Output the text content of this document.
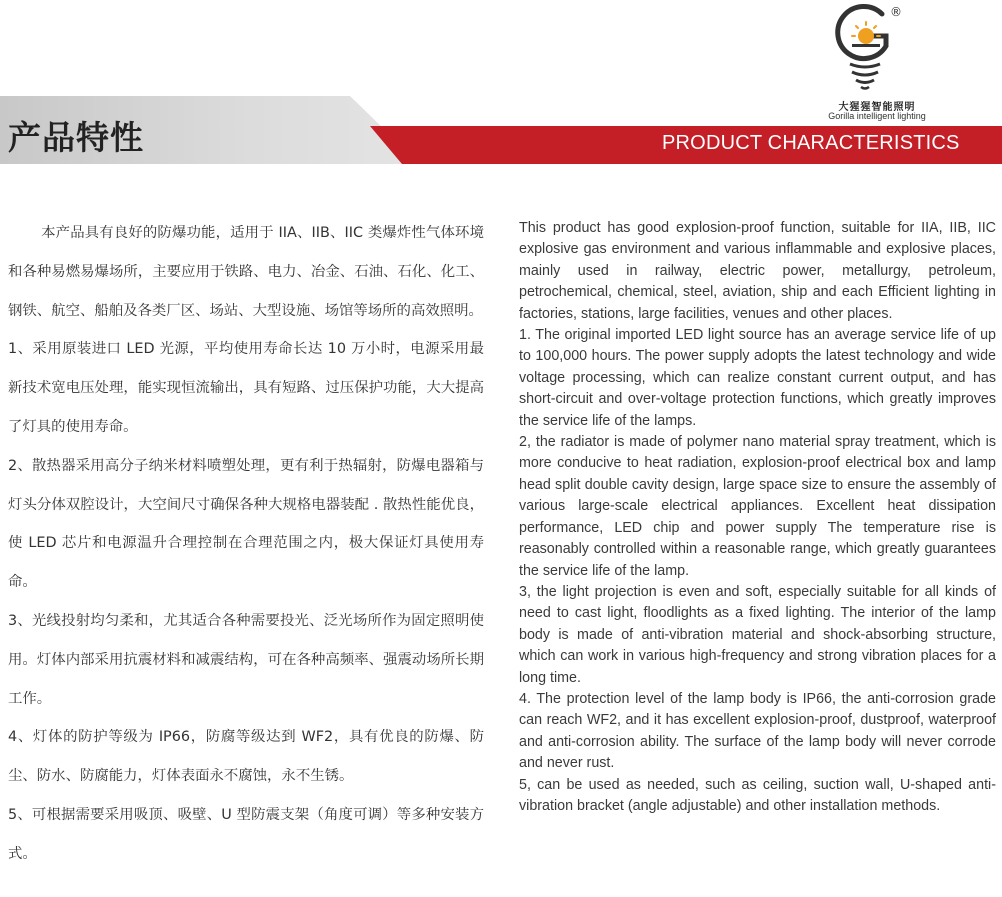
®
大猩猩智能照明
Gorilla intelligent lighting
产品特性	PRODUCT CHARACTERISTICS

本产品具有良好的防爆功能，适用于 IIA、IIB、IIC 类爆炸性气体环境和各种易燃易爆场所，主要应用于铁路、电力、冶金、石油、石化、化工、钢铁、航空、船舶及各类厂区、场站、大型设施、场馆等场所的高效照明。

1、采用原装进口 LED 光源，平均使用寿命长达 10 万小时，电源采用最新技术宽电压处理，能实现恒流输出，具有短路、过压保护功能，大大提高了灯具的使用寿命。

2、散热器采用高分子纳米材料喷塑处理，更有利于热辐射，防爆电器箱与灯头分体双腔设计，大空间尺寸确保各种大规格电器装配 . 散热性能优良，使 LED 芯片和电源温升合理控制在合理范围之内，极大保证灯具使用寿命。

3、光线投射均匀柔和，尤其适合各种需要投光、泛光场所作为固定照明使用。灯体内部采用抗震材料和减震结构，可在各种高频率、强震动场所长期工作。

4、灯体的防护等级为 IP66，防腐等级达到 WF2，具有优良的防爆、防尘、防水、防腐能力，灯体表面永不腐蚀，永不生锈。

5、可根据需要采用吸顶、吸壁、U 型防震支架（角度可调）等多种安装方式。

This product has good explosion-proof function, suitable for IIA, IIB, IIC explosive gas environment and various inflammable and explosive places, mainly used in railway, electric power, metallurgy, petroleum, petrochemical, chemical, steel, aviation, ship and each Efficient lighting in factories, stations, large facilities, venues and other places.

1. The original imported LED light source has an average service life of up to 100,000 hours. The power supply adopts the latest technology and wide voltage processing, which can realize constant current output, and has short-circuit and over-voltage protection functions, which greatly improves the service life of the lamps.

2, the radiator is made of polymer nano material spray treatment, which is more conducive to heat radiation, explosion-proof electrical box and lamp head split double cavity design, large space size to ensure the assembly of various large-scale electrical appliances. Excellent heat dissipation performance, LED chip and power supply The temperature rise is reasonably controlled within a reasonable range, which greatly guarantees the service life of the lamp.

3, the light projection is even and soft, especially suitable for all kinds of need to cast light, floodlights as a fixed lighting. The interior of the lamp body is made of anti-vibration material and shock-absorbing structure, which can work in various high-frequency and strong vibration places for a long time.

4. The protection level of the lamp body is IP66, the anti-corrosion grade can reach WF2, and it has excellent explosion-proof, dustproof, waterproof and anti-corrosion ability. The surface of the lamp body will never corrode and never rust.

5, can be used as needed, such as ceiling, suction wall, U-shaped anti-vibration bracket (angle adjustable) and other installation methods.
